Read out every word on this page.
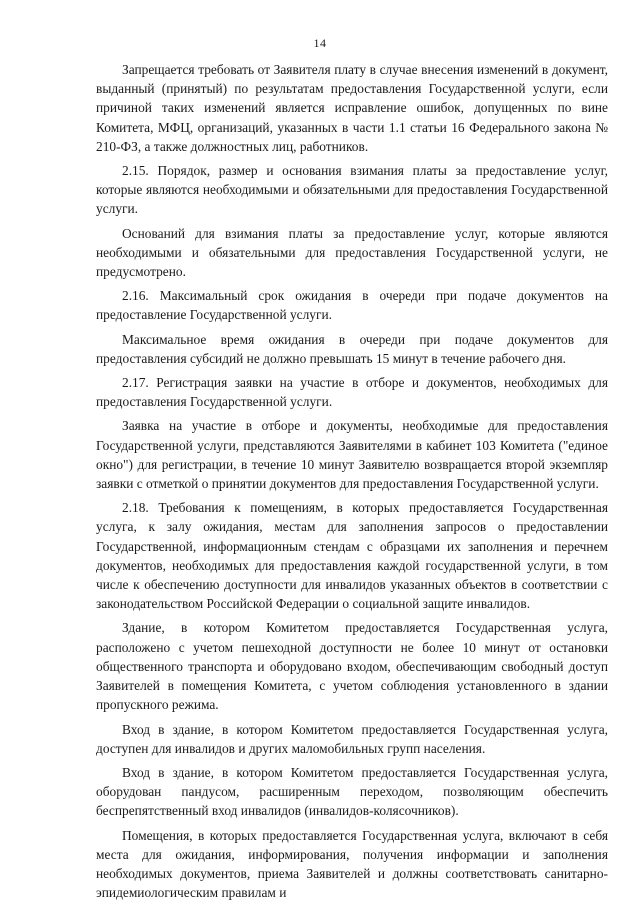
14

Запрещается требовать от Заявителя плату в случае внесения изменений в документ, выданный (принятый) по результатам предоставления Государственной услуги, если причиной таких изменений является исправление ошибок, допущенных по вине Комитета, МФЦ, организаций, указанных в части 1.1 статьи 16 Федерального закона № 210-ФЗ, а также должностных лиц, работников.

2.15. Порядок, размер и основания взимания платы за предоставление услуг, которые являются необходимыми и обязательными для предоставления Государственной услуги.

Оснований для взимания платы за предоставление услуг, которые являются необходимыми и обязательными для предоставления Государственной услуги, не предусмотрено.

2.16. Максимальный срок ожидания в очереди при подаче документов на предоставление Государственной услуги.

Максимальное время ожидания в очереди при подаче документов для предоставления субсидий не должно превышать 15 минут в течение рабочего дня.

2.17. Регистрация заявки на участие в отборе и документов, необходимых для предоставления Государственной услуги.

Заявка на участие в отборе и документы, необходимые для предоставления Государственной услуги, представляются Заявителями в кабинет 103 Комитета ("единое окно") для регистрации, в течение 10 минут Заявителю возвращается второй экземпляр заявки с отметкой о принятии документов для предоставления Государственной услуги.

2.18. Требования к помещениям, в которых предоставляется Государственная услуга, к залу ожидания, местам для заполнения запросов о предоставлении Государственной, информационным стендам с образцами их заполнения и перечнем документов, необходимых для предоставления каждой государственной услуги, в том числе к обеспечению доступности для инвалидов указанных объектов в соответствии с законодательством Российской Федерации о социальной защите инвалидов.

Здание, в котором Комитетом предоставляется Государственная услуга, расположено с учетом пешеходной доступности не более 10 минут от остановки общественного транспорта и оборудовано входом, обеспечивающим свободный доступ Заявителей в помещения Комитета, с учетом соблюдения установленного в здании пропускного режима.

Вход в здание, в котором Комитетом предоставляется Государственная услуга, доступен для инвалидов и других маломобильных групп населения.

Вход в здание, в котором Комитетом предоставляется Государственная услуга, оборудован пандусом, расширенным переходом, позволяющим обеспечить беспрепятственный вход инвалидов (инвалидов-колясочников).

Помещения, в которых предоставляется Государственная услуга, включают в себя места для ожидания, информирования, получения информации и заполнения необходимых документов, приема Заявителей и должны соответствовать санитарно-эпидемиологическим правилам и
